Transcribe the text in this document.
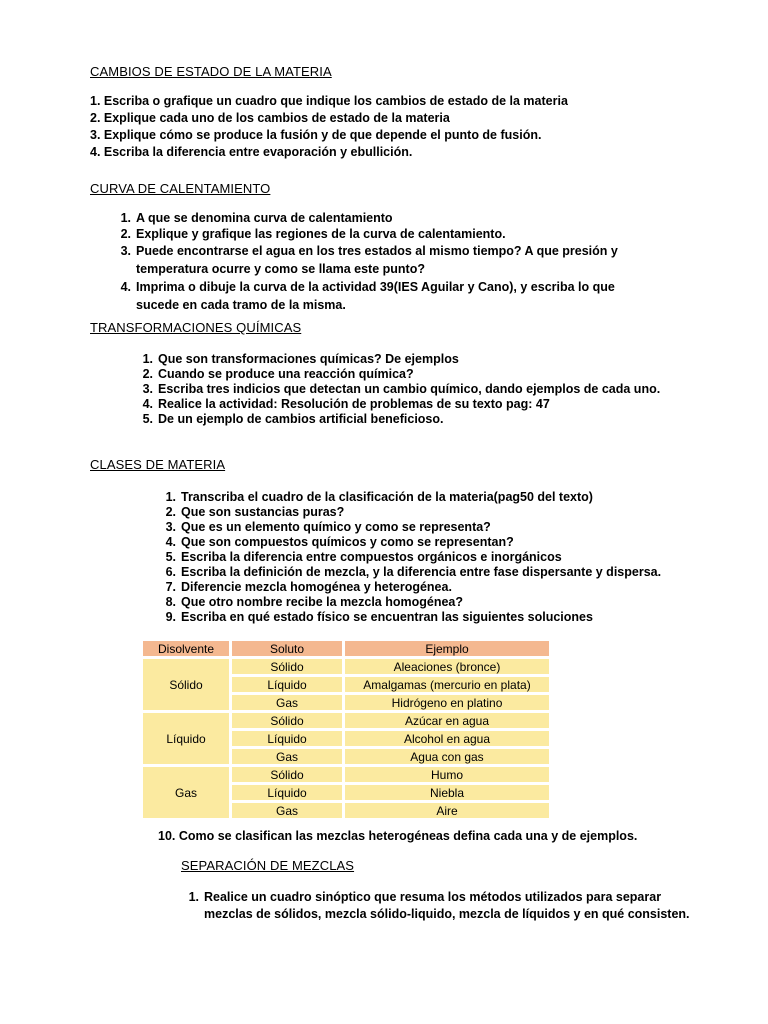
CAMBIOS DE ESTADO DE LA MATERIA
1. Escriba o grafique un cuadro que indique los cambios de estado de la materia
2. Explique cada uno de los cambios de estado de la materia
3. Explique cómo se produce la fusión y de que depende el punto de fusión.
4. Escriba la diferencia entre evaporación y ebullición.
CURVA DE CALENTAMIENTO
1. A que se denomina curva de calentamiento
2. Explique y grafique las regiones de la curva de calentamiento.
3. Puede encontrarse el agua en los tres estados al mismo tiempo? A que presión y temperatura ocurre y como se llama este punto?
4. Imprima o dibuje la curva de la actividad 39(IES Aguilar y Cano), y escriba lo que sucede en cada tramo de la misma.
TRANSFORMACIONES QUÍMICAS
1. Que son transformaciones químicas? De ejemplos
2. Cuando se produce una reacción química?
3. Escriba tres indicios que detectan un cambio químico, dando ejemplos de cada uno.
4. Realice la actividad: Resolución de problemas de su texto pag: 47
5. De un ejemplo de cambios artificial beneficioso.
CLASES DE MATERIA
1. Transcriba el cuadro de la clasificación de la materia(pag50 del texto)
2. Que son sustancias puras?
3. Que es un elemento químico y como se representa?
4. Que son compuestos químicos y como se representan?
5. Escriba la diferencia entre compuestos orgánicos e inorgánicos
6. Escriba la definición de mezcla, y la diferencia entre fase dispersante y dispersa.
7. Diferencie mezcla homogénea y heterogénea.
8. Que otro nombre recibe la mezcla homogénea?
9. Escriba en qué estado físico se encuentran las siguientes soluciones
Disolvente	Soluto	Ejemplo
Sólido	Sólido	Aleaciones (bronce)
	Líquido	Amalgamas (mercurio en plata)
	Gas	Hidrógeno en platino
Líquido	Sólido	Azúcar en agua
	Líquido	Alcohol en agua
	Gas	Agua con gas
Gas	Sólido	Humo
	Líquido	Niebla
	Gas	Aire
10. Como se clasifican las mezclas heterogéneas defina cada una y de ejemplos.
SEPARACIÓN DE MEZCLAS
1. Realice un cuadro sinóptico que resuma los métodos utilizados para separar mezclas de sólidos, mezcla sólido-liquido, mezcla de líquidos y en qué consisten.
